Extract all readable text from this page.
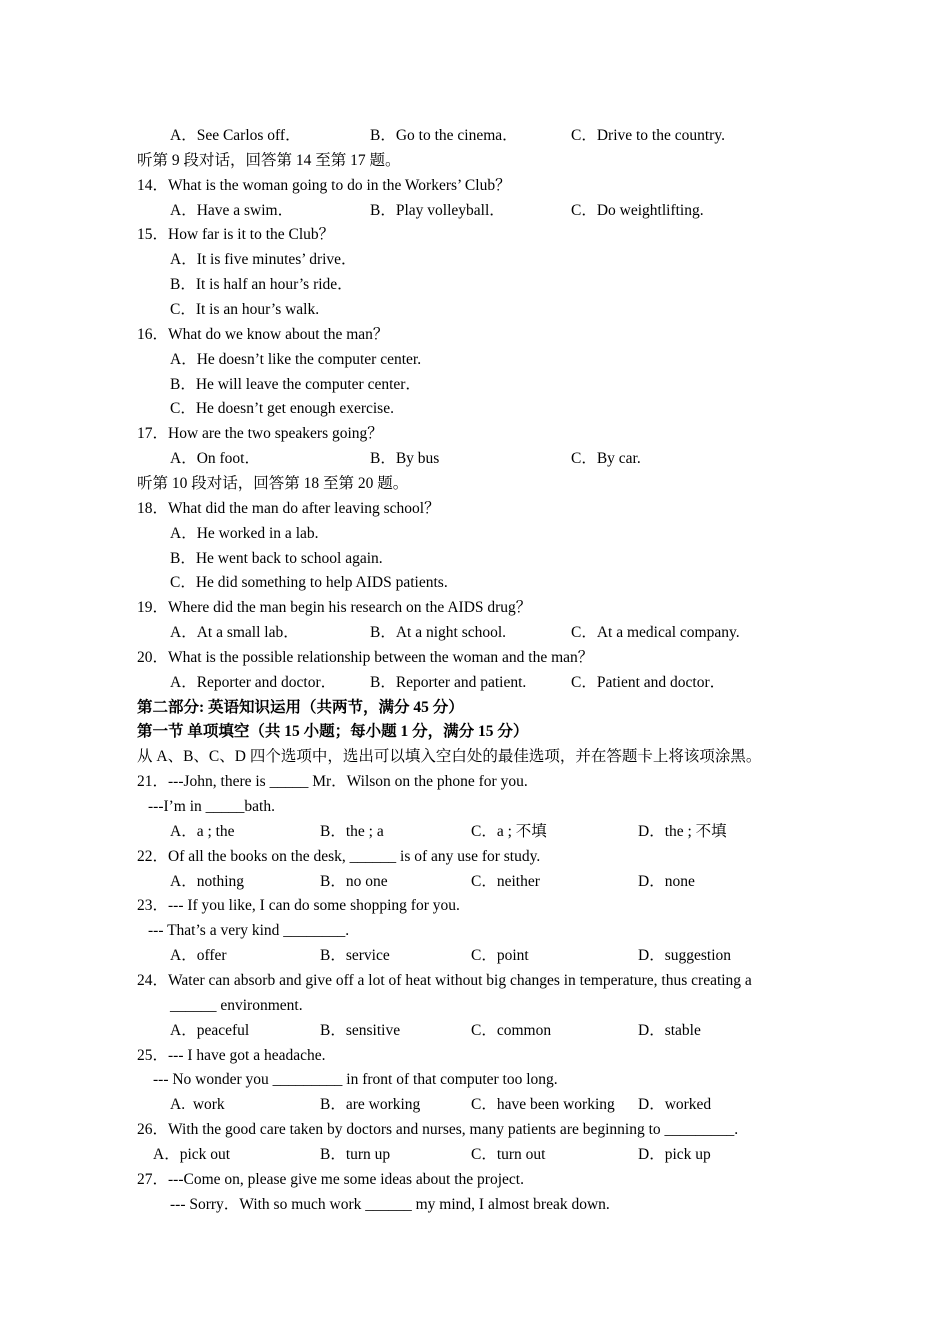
A．See Carlos off．	B．Go to the cinema．	C．Drive to the country.
听第 9 段对话，回答第 14 至第 17 题。
14．What is the woman going to do in the Workers’ Club？
A．Have a swim．	B．Play volleyball．	C．Do weightlifting.
15．How far is it to the Club？
A．It is five minutes’ drive．
B．It is half an hour’s ride．
C．It is an hour’s walk.
16．What do we know about the man？
A．He doesn’t like the computer center.
B．He will leave the computer center．
C．He doesn’t get enough exercise.
17．How are the two speakers going？
A．On foot．	B．By bus	C．By car.
听第 10 段对话，回答第 18 至第 20 题。
18．What did the man do after leaving school？
A．He worked in a lab.
B．He went back to school again.
C．He did something to help AIDS patients.
19．Where did the man begin his research on the AIDS drug？
A．At a small lab．	B．At a night school.	C．At a medical company.
20．What is the possible relationship between the woman and the man？
A．Reporter and doctor． B．Reporter and patient.	C．Patient and doctor．
第二部分: 英语知识运用（共两节，满分 45 分）
第一节 单项填空（共 15 小题；每小题 1 分，满分 15 分）
从 A、B、C、D 四个选项中，选出可以填入空白处的最佳选项，并在答题卡上将该项涂黑。
21．---John, there is _____ Mr．Wilson on the phone for you.
---I’m in _____bath.
A．a ; the	B．the ; a	C．a ; 不填	D．the ; 不填
22．Of all the books on the desk, ______ is of any use for study.
A．nothing	B．no one	C．neither	D．none
23．--- If you like, I can do some shopping for you.
--- That’s a very kind ________.
A．offer	B．service	C．point	D．suggestion
24．Water can absorb and give off a lot of heat without big changes in temperature, thus creating a
______ environment.
A．peaceful	B．sensitive	C．common	D．stable
25．--- I have got a headache.
--- No wonder you _________ in front of that computer too long.
A.  work	B．are working	C．have been working D．worked
26．With the good care taken by doctors and nurses, many patients are beginning to _________.
A．pick out	B．turn up	C．turn out	D．pick up
27．---Come on, please give me some ideas about the project.
--- Sorry．With so much work ______ my mind, I almost break down.
